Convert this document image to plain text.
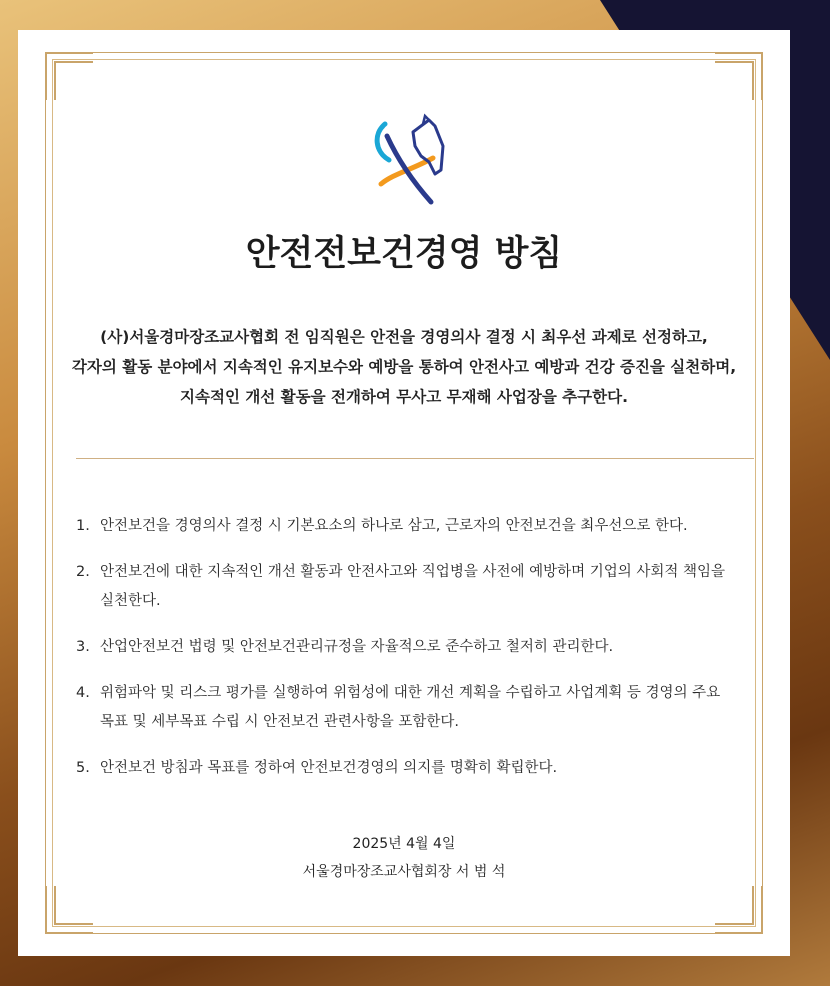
안전전보건경영 방침
(사)서울경마장조교사협회 전 임직원은 안전을 경영의사 결정 시 최우선 과제로 선정하고,
각자의 활동 분야에서 지속적인 유지보수와 예방을 통하여 안전사고 예방과 건강 증진을 실천하며,
지속적인 개선 활동을 전개하여 무사고 무재해 사업장을 추구한다.
1. 안전보건을 경영의사 결정 시 기본요소의 하나로 삼고, 근로자의 안전보건을 최우선으로 한다.
2. 안전보건에 대한 지속적인 개선 활동과 안전사고와 직업병을 사전에 예방하며 기업의 사회적 책임을 실천한다.
3. 산업안전보건 법령 및 안전보건관리규정을 자율적으로 준수하고 철저히 관리한다.
4. 위험파악 및 리스크 평가를 실행하여 위험성에 대한 개선 계획을 수립하고 사업계획 등 경영의 주요 목표 및 세부목표 수립 시 안전보건 관련사항을 포함한다.
5. 안전보건 방침과 목표를 정하여 안전보건경영의 의지를 명확히 확립한다.
2025년 4월 4일
서울경마장조교사협회장 서 범 석
